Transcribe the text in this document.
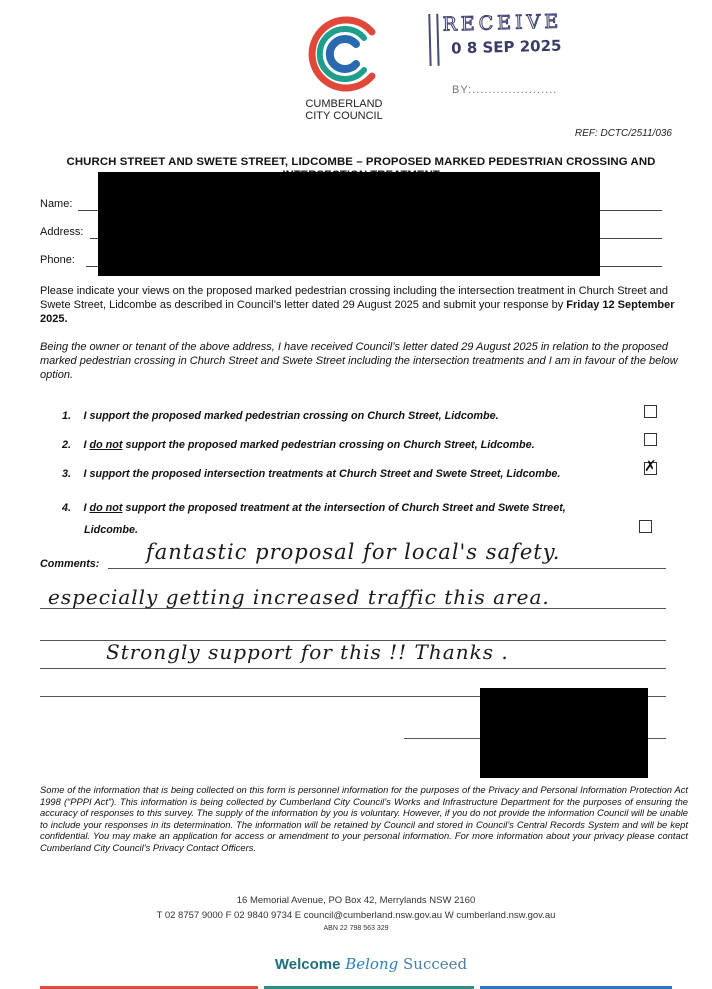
CUMBERLAND
CITY COUNCIL
RECEIVE
0 8 SEP 2025
BY:.....................
REF: DCTC/2511/036
CHURCH STREET AND SWETE STREET, LIDCOMBE – PROPOSED MARKED PEDESTRIAN CROSSING AND
Name:
Address:
Phone:
Please indicate your views on the proposed marked pedestrian crossing including the intersection treatment in Church Street and Swete Street, Lidcombe as described in Council’s letter dated 29 August 2025 and submit your response by Friday 12 September 2025.
Being the owner or tenant of the above address, I have received Council’s letter dated 29 August 2025 in relation to the proposed marked pedestrian crossing in Church Street and Swete Street including the intersection treatments and I am in favour of the below option.
1. I support the proposed marked pedestrian crossing on Church Street, Lidcombe.
2. I do not support the proposed marked pedestrian crossing on Church Street, Lidcombe.
3. I support the proposed intersection treatments at Church Street and Swete Street, Lidcombe.	✗
4. I do not support the proposed treatment at the intersection of Church Street and Swete Street,
Lidcombe.
Comments: fantastic proposal for local's safety.
especially getting increased traffic this area.
Strongly support for this !! Thanks .
Some of the information that is being collected on this form is personnel information for the purposes of the Privacy and Personal Information Protection Act 1998 (“PPPI Act”). This information is being collected by Cumberland City Council’s Works and Infrastructure Department for the purposes of ensuring the accuracy of responses to this survey. The supply of the information by you is voluntary. However, if you do not provide the information Council will be unable to include your responses in its determination. The information will be retained by Council and stored in Council’s Central Records System and will be kept confidential. You may make an application for access or amendment to your personal information. For more information about your privacy please contact Cumberland City Council’s Privacy Contact Officers.
16 Memorial Avenue, PO Box 42, Merrylands NSW 2160
T 02 8757 9000 F 02 9840 9734 E council@cumberland.nsw.gov.au W cumberland.nsw.gov.au
ABN 22 798 563 329
Welcome Belong Succeed
